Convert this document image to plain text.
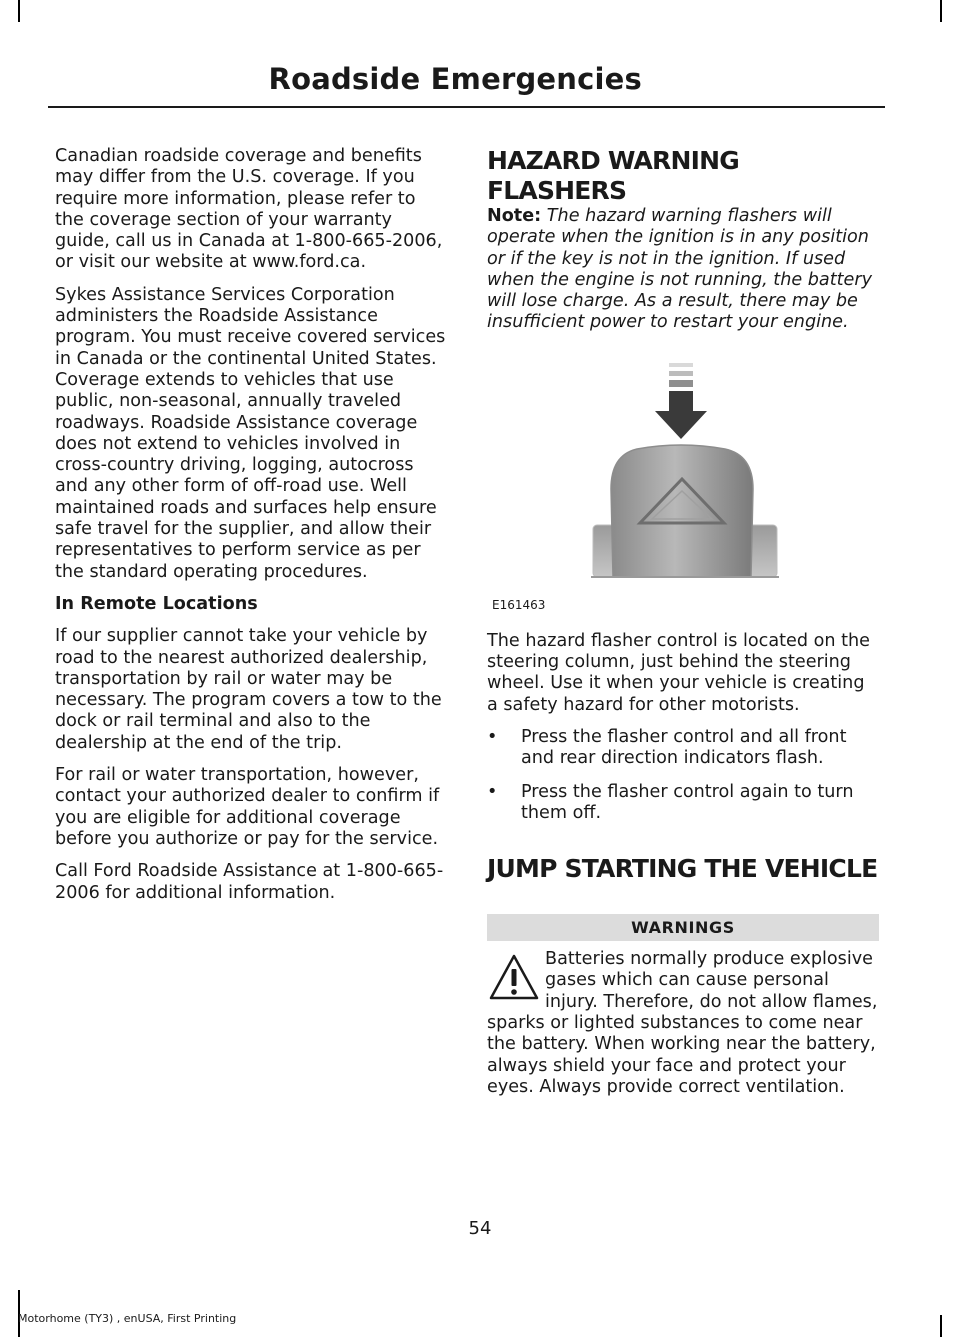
Roadside Emergencies

Canadian roadside coverage and benefits may differ from the U.S. coverage. If you require more information, please refer to the coverage section of your warranty guide, call us in Canada at 1-800-665-2006, or visit our website at www.ford.ca.

Sykes Assistance Services Corporation administers the Roadside Assistance program. You must receive covered services in Canada or the continental United States. Coverage extends to vehicles that use public, non-seasonal, annually traveled roadways. Roadside Assistance coverage does not extend to vehicles involved in cross-country driving, logging, autocross and any other form of off-road use. Well maintained roads and surfaces help ensure safe travel for the supplier, and allow their representatives to perform service as per the standard operating procedures.

In Remote Locations

If our supplier cannot take your vehicle by road to the nearest authorized dealership, transportation by rail or water may be necessary. The program covers a tow to the dock or rail terminal and also to the dealership at the end of the trip.

For rail or water transportation, however, contact your authorized dealer to confirm if you are eligible for additional coverage before you authorize or pay for the service.

Call Ford Roadside Assistance at 1-800-665-2006 for additional information.

HAZARD WARNING FLASHERS

Note: The hazard warning flashers will operate when the ignition is in any position or if the key is not in the ignition. If used when the engine is not running, the battery will lose charge. As a result, there may be insufficient power to restart your engine.

E161463

The hazard flasher control is located on the steering column, just behind the steering wheel. Use it when your vehicle is creating a safety hazard for other motorists.

• Press the flasher control and all front and rear direction indicators flash.
• Press the flasher control again to turn them off.
JUMP STARTING THE VEHICLE
WARNINGS
Batteries normally produce explosive gases which can cause personal injury. Therefore, do not allow flames, sparks or lighted substances to come near the battery. When working near the battery, always shield your face and protect your eyes. Always provide correct ventilation.
54
Motorhome (TY3) , enUSA, First Printing
